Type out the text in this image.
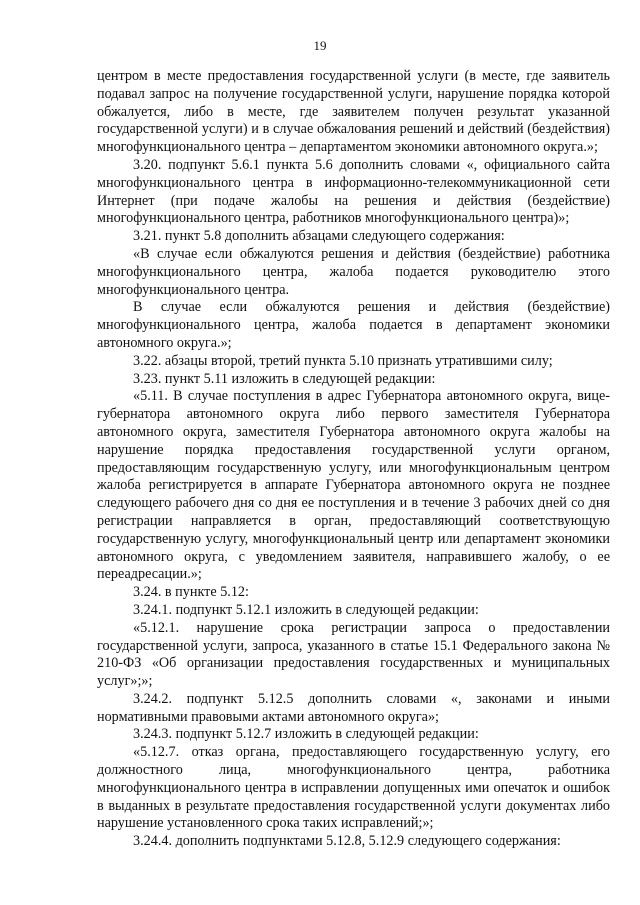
19

центром в месте предоставления государственной услуги (в месте, где заявитель подавал запрос на получение государственной услуги, нарушение порядка которой обжалуется, либо в месте, где заявителем получен результат указанной государственной услуги) и в случае обжалования решений и действий (бездействия) многофункционального центра – департаментом экономики автономного округа.»;

3.20. подпункт 5.6.1 пункта 5.6 дополнить словами «, официального сайта многофункционального центра в информационно-телекоммуникационной сети Интернет (при подаче жалобы на решения и действия (бездействие) многофункционального центра, работников многофункционального центра)»;

3.21. пункт 5.8 дополнить абзацами следующего содержания:

«В случае если обжалуются решения и действия (бездействие) работника многофункционального центра, жалоба подается руководителю этого многофункционального центра.

В случае если обжалуются решения и действия (бездействие) многофункционального центра, жалоба подается в департамент экономики автономного округа.»;

3.22. абзацы второй, третий пункта 5.10 признать утратившими силу;

3.23. пункт 5.11 изложить в следующей редакции:

«5.11. В случае поступления в адрес Губернатора автономного округа, вице-губернатора автономного округа либо первого заместителя Губернатора автономного округа, заместителя Губернатора автономного округа жалобы на нарушение порядка предоставления государственной услуги органом, предоставляющим государственную услугу, или многофункциональным центром жалоба регистрируется в аппарате Губернатора автономного округа не позднее следующего рабочего дня со дня ее поступления и в течение 3 рабочих дней со дня регистрации направляется в орган, предоставляющий соответствующую государственную услугу, многофункциональный центр или департамент экономики автономного округа, с уведомлением заявителя, направившего жалобу, о ее переадресации.»;

3.24. в пункте 5.12:

3.24.1. подпункт 5.12.1 изложить в следующей редакции:

«5.12.1. нарушение срока регистрации запроса о предоставлении государственной услуги, запроса, указанного в статье 15.1 Федерального закона № 210-ФЗ «Об организации предоставления государственных и муниципальных услуг»;»;

3.24.2. подпункт 5.12.5 дополнить словами «, законами и иными нормативными правовыми актами автономного округа»;

3.24.3. подпункт 5.12.7 изложить в следующей редакции:

«5.12.7. отказ органа, предоставляющего государственную услугу, его должностного лица, многофункционального центра, работника многофункционального центра в исправлении допущенных ими опечаток и ошибок в выданных в результате предоставления государственной услуги документах либо нарушение установленного срока таких исправлений;»;

3.24.4. дополнить подпунктами 5.12.8, 5.12.9 следующего содержания:
